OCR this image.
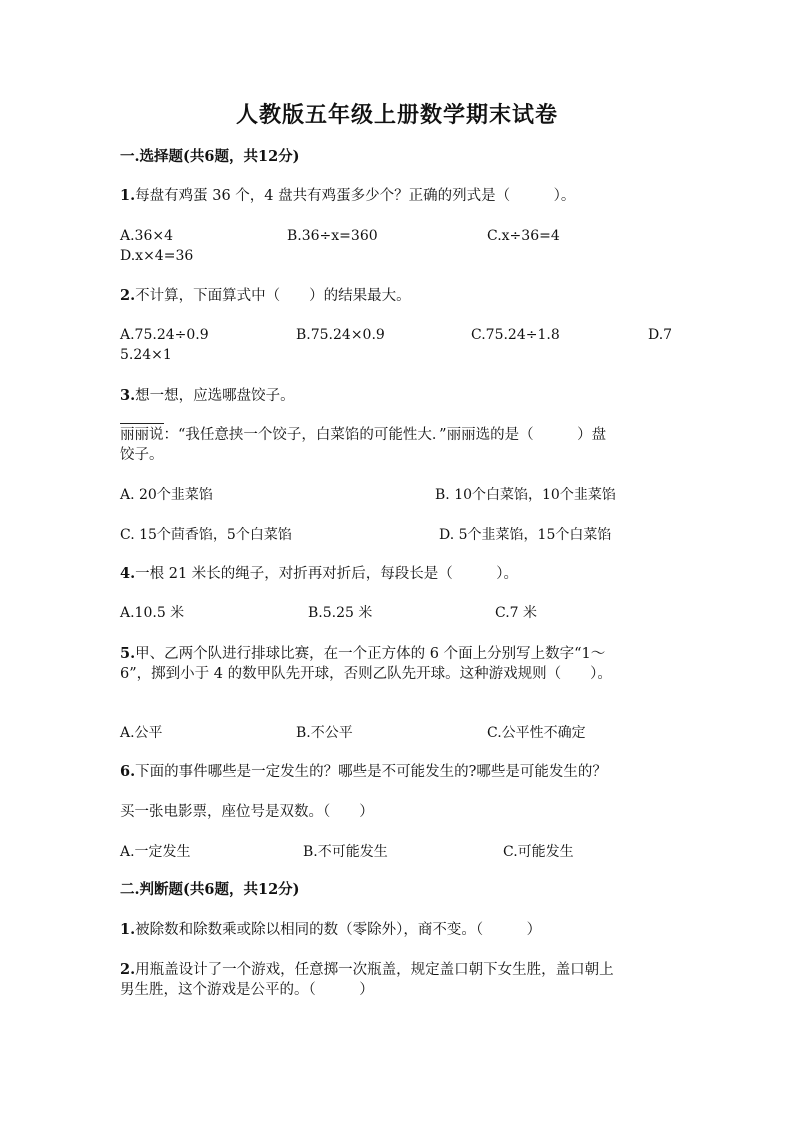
人教版五年级上册数学期末试卷
一.选择题(共6题，共12分)
1.每盘有鸡蛋 36 个，4 盘共有鸡蛋多少个？正确的列式是（　　　）。
A.36×4	B.36÷x=360	C.x÷36=4
D.x×4=36
2.不计算，下面算式中（　　）的结果最大。
A.75.24÷0.9	B.75.24×0.9	C.75.24÷1.8	D.7
5.24×1
3.想一想，应选哪盘饺子。
丽丽说：“我任意挟一个饺子，白菜馅的可能性大．”丽丽选的是（　　　）盘
饺子。
A. 20个韭菜馅	B. 10个白菜馅，10个韭菜馅
C. 15个茴香馅，5个白菜馅	D. 5个韭菜馅，15个白菜馅
4.一根 21 米长的绳子，对折再对折后，每段长是（　　　）。
A.10.5 米	B.5.25 米	C.7 米
5.甲、乙两个队进行排球比赛，在一个正方体的 6 个面上分别写上数字“1～
6”，掷到小于 4 的数甲队先开球，否则乙队先开球。这种游戏规则（　　）。
A.公平	B.不公平	C.公平性不确定
6.下面的事件哪些是一定发生的？哪些是不可能发生的?哪些是可能发生的？
买一张电影票，座位号是双数。（　　）
A.一定发生	B.不可能发生	C.可能发生
二.判断题(共6题，共12分)
1.被除数和除数乘或除以相同的数（零除外），商不变。（　　　）
2.用瓶盖设计了一个游戏，任意掷一次瓶盖，规定盖口朝下女生胜，盖口朝上
男生胜，这个游戏是公平的。（　　　）
